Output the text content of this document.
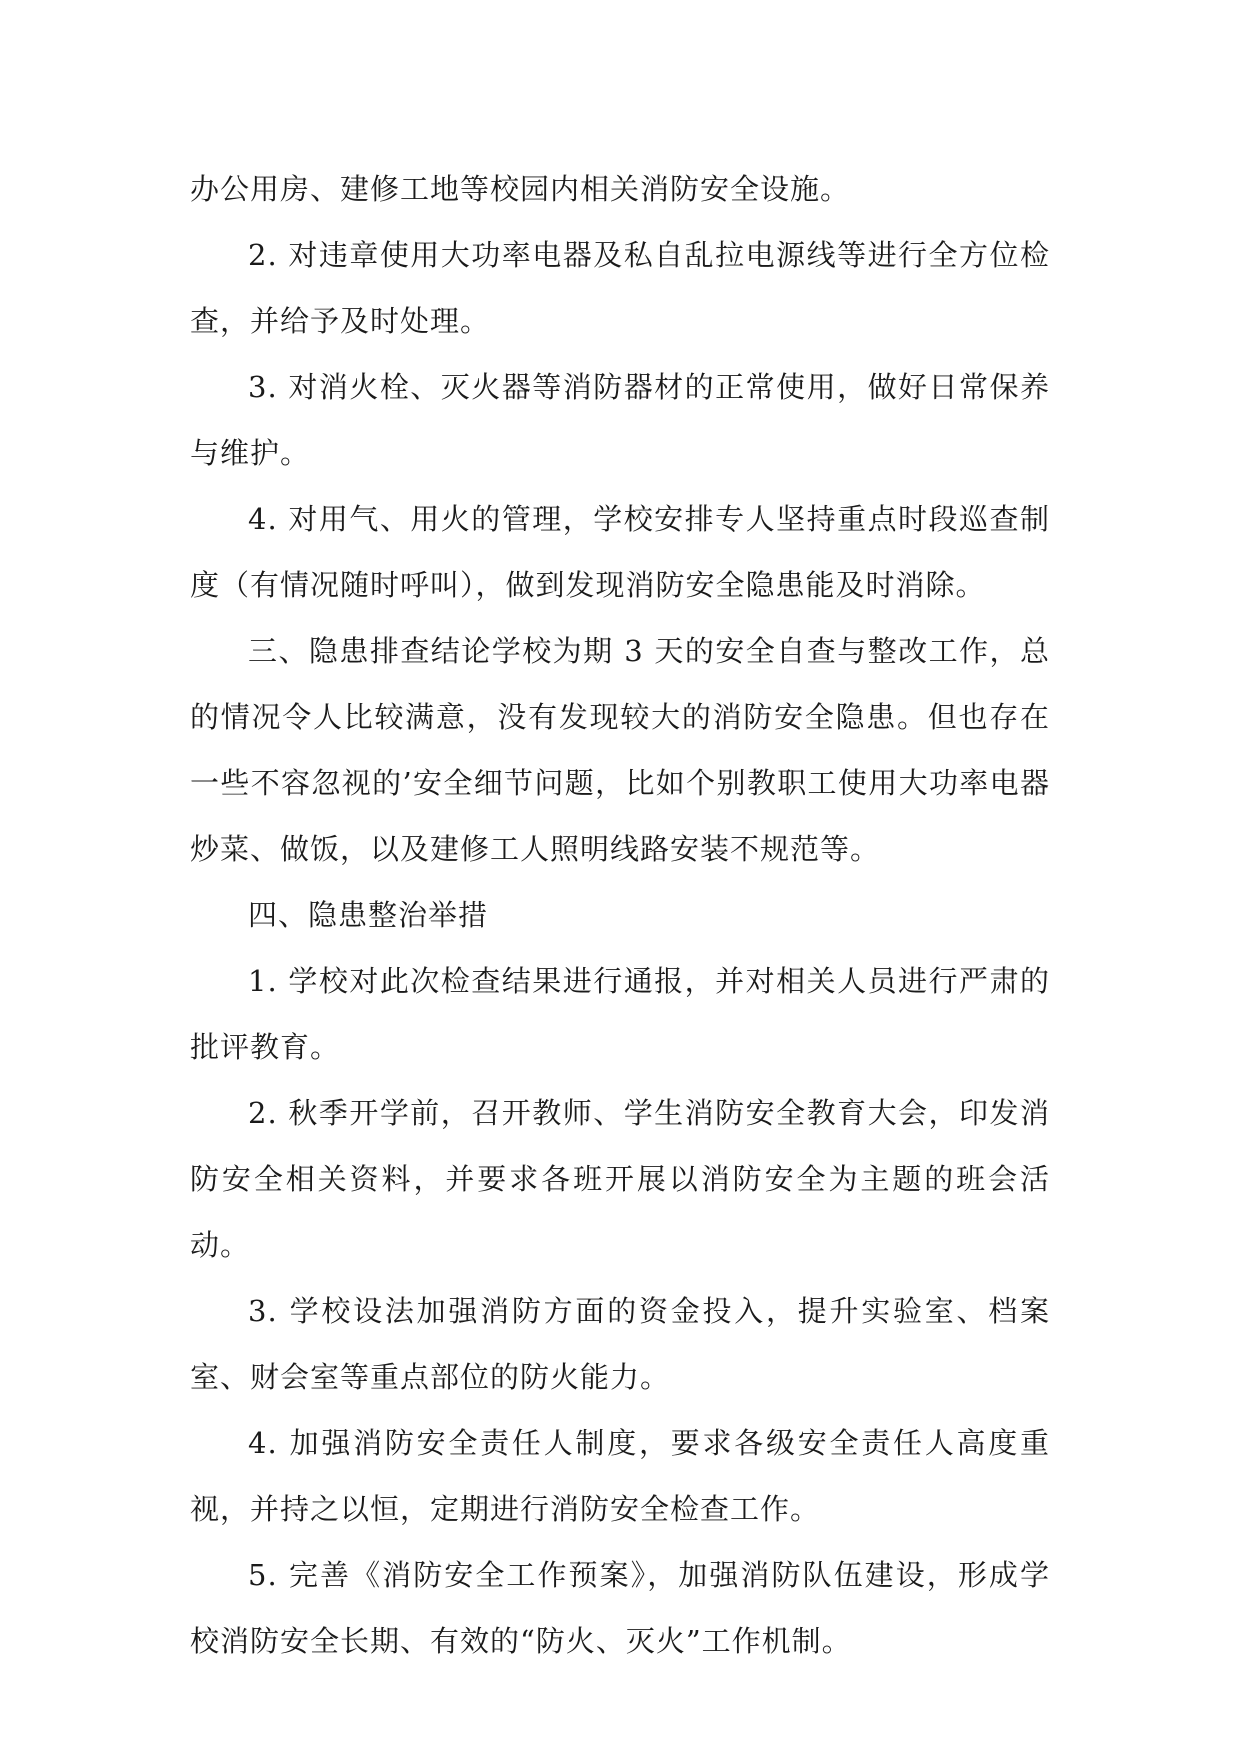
办公用房、建修工地等校园内相关消防安全设施。

2. 对违章使用大功率电器及私自乱拉电源线等进行全方位检查，并给予及时处理。

3. 对消火栓、灭火器等消防器材的正常使用，做好日常保养与维护。

4. 对用气、用火的管理，学校安排专人坚持重点时段巡查制度（有情况随时呼叫），做到发现消防安全隐患能及时消除。

三、隐患排查结论学校为期 3 天的安全自查与整改工作，总的情况令人比较满意，没有发现较大的消防安全隐患。但也存在一些不容忽视的’安全细节问题，比如个别教职工使用大功率电器炒菜、做饭，以及建修工人照明线路安装不规范等。

四、隐患整治举措

1. 学校对此次检查结果进行通报，并对相关人员进行严肃的批评教育。

2. 秋季开学前，召开教师、学生消防安全教育大会，印发消防安全相关资料，并要求各班开展以消防安全为主题的班会活动。

3. 学校设法加强消防方面的资金投入，提升实验室、档案室、财会室等重点部位的防火能力。

4. 加强消防安全责任人制度，要求各级安全责任人高度重视，并持之以恒，定期进行消防安全检查工作。

5. 完善《消防安全工作预案》，加强消防队伍建设，形成学校消防安全长期、有效的“防火、灭火”工作机制。
